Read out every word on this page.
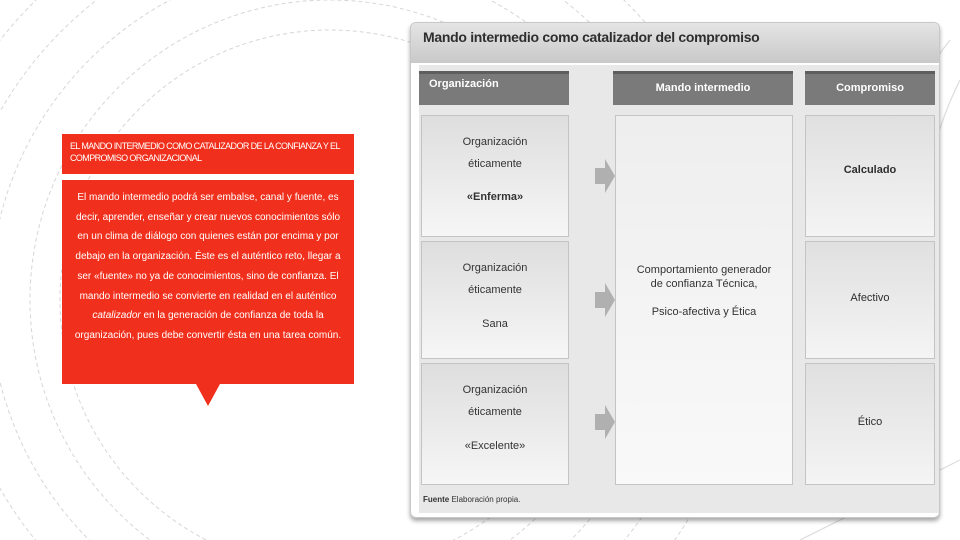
EL MANDO INTERMEDIO COMO CATALIZADOR DE LA CONFIANZA Y EL COMPROMISO ORGANIZACIONAL
El mando intermedio podrá ser embalse, canal y fuente, es decir, aprender, enseñar y crear nuevos conocimientos sólo en un clima de diálogo con quienes están por encima y por debajo en la organización. Éste es el auténtico reto, llegar a ser «fuente» no ya de conocimientos, sino de confianza. El mando intermedio se convierte en realidad en el auténtico catalizador en la generación de confianza de toda la organización, pues debe convertir ésta en una tarea común.
Mando intermedio como catalizador del compromiso
Organización	Mando intermedio	Compromiso
Organización
éticamente
«Enferma»
Organización
éticamente
Sana
Organización
éticamente
«Excelente»
Comportamiento generador
de confianza Técnica,
Psico-afectiva y Ética
Calculado
Afectivo
Ético
Fuente Elaboración propia.
